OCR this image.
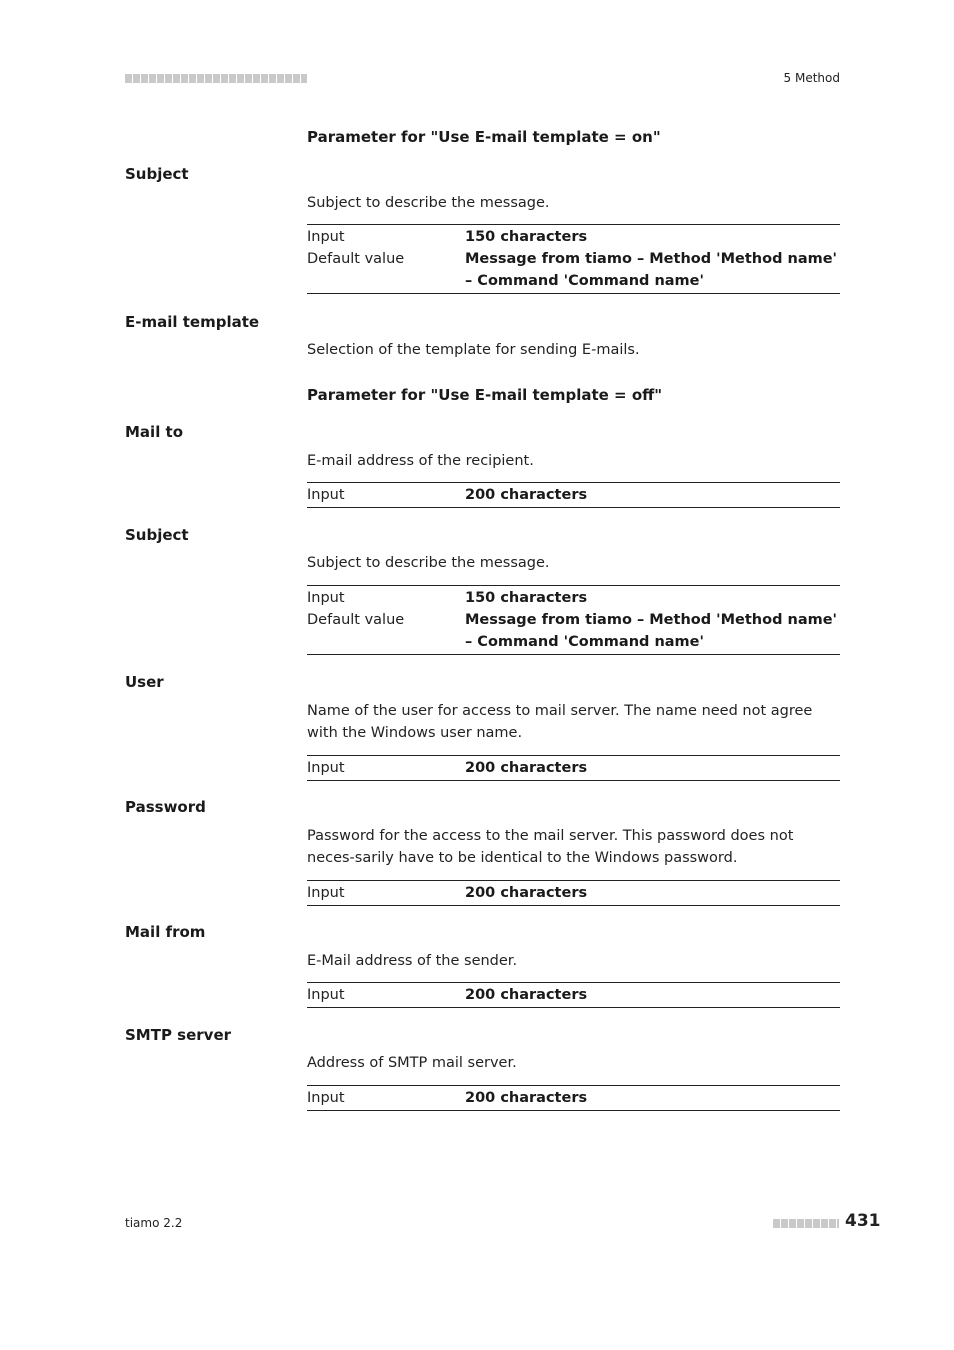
5 Method
Parameter for "Use E-mail template = on"
Subject
Subject to describe the message.
Input	150 characters
Default value	Message from tiamo – Method 'Method name' – Command 'Command name'
E-mail template
Selection of the template for sending E-mails.
Parameter for "Use E-mail template = off"
Mail to
E-mail address of the recipient.
Input	200 characters
Subject
Subject to describe the message.
Input	150 characters
Default value	Message from tiamo – Method 'Method name' – Command 'Command name'
User
Name of the user for access to mail server. The name need not agree with the Windows user name.
Input	200 characters
Password
Password for the access to the mail server. This password does not neces-sarily have to be identical to the Windows password.
Input	200 characters
Mail from
E-Mail address of the sender.
Input	200 characters
SMTP server
Address of SMTP mail server.
Input	200 characters
tiamo 2.2	431
